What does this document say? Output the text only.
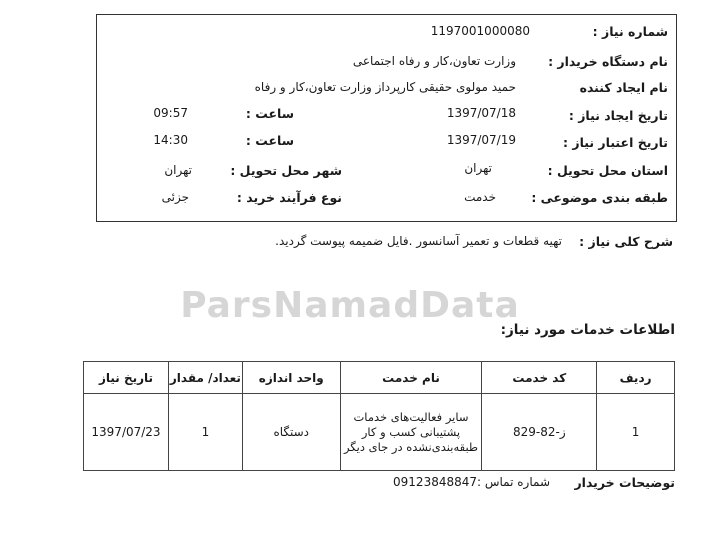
ParsNamadData
شماره نیاز :
1197001000080
نام دستگاه خریدار :
وزارت تعاون،کار و رفاه اجتماعی
نام ایجاد کننده
حمید مولوی حقیقی کارپرداز وزارت تعاون،کار و رفاه
تاریخ ایجاد نیاز :
1397/07/18
ساعت :
09:57
تاریخ اعتبار نیاز :
1397/07/19
ساعت :
14:30
استان محل تحویل :
تهران
شهر محل تحویل :
تهران
طبقه بندی موضوعی :
خدمت
نوع فرآیند خرید :
جزئی
شرح کلی نیاز :
تهیه قطعات و تعمیر آسانسور .فایل ضمیمه پیوست گردید.
اطلاعات خدمات مورد نیاز:
ردیف	کد خدمت	نام خدمت	واحد اندازه	تعداد/ مقدار	تاریخ نیاز
1	ز-82-829	سایر فعالیت‌های خدمات پشتیبانی کسب و کار طبقه‌بندی‌نشده در جای دیگر	دستگاه	1	1397/07/23
توضیحات خریدار
شماره تماس :09123848847
